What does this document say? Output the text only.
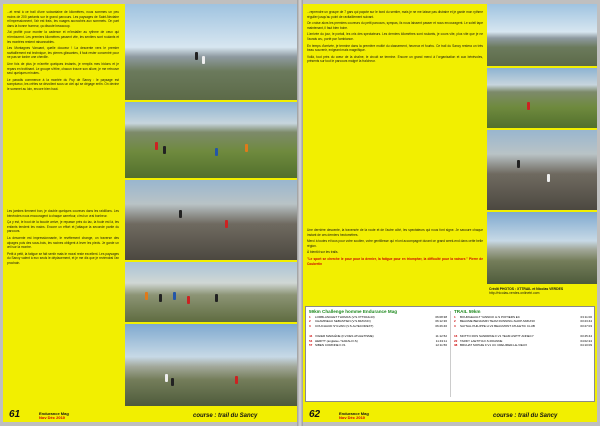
...et rend à ce trail d'une soixantaine de kilomètres, nous sommes un peu moins de 200 partants sur le grand parcours. Les paysages de Saint-Nectaire m'impressionnent, l'air est frais, les nuages accrochés aux sommets. On part dans la bonne humeur, ça discute beaucoup.

J'ai profité pour monter la cadence et m'installer au rythme de ceux qui m'entourent. Les premiers kilomètres passent vite, les sentiers sont roulants et les montées restent raisonnables.

Les Montagnes Vanuant, quelle douceur ! La descente vers le premier ravitaillement est technique, les pierres glissantes, il faut rester concentré pour ne pas se tordre une cheville.

Une fois de plus je m'arrête quelques instants, je remplis mes bidons et je repars en trottinant. Le groupe s'étire, chacun trouve son allure, je me retrouve seul quelques minutes.

Le paradis commence à la montée du Puy de Sancy : le paysage est somptueux, les crêtes se dévoilent sous un ciel qui se dégage enfin. On devine le sommet au loin, encore bien haut.

Les jambes tiennent bon, je double quelques coureurs dans les raidillons. Les bénévoles nous encouragent à chaque carrefour, c'est un vrai bonheur.

Ça y est, le bout de la boucle arrive, je repasse près du lac, la foule est là, les enfants tendent les mains. Encore un effort et j'attaque la seconde partie du parcours.

La descente est impressionnante, le revêtement change, on traverse des alpages puis des sous-bois, les racines obligent à lever les pieds. Je garde un œil sur la montre.

Petit à petit, la fatigue se fait sentir mais le moral reste excellent. Les paysages du Sancy valent à eux seuls le déplacement, et je me dis que je reviendrai l'an prochain.

61	Endurance Mag
Nov Déc 2010	course : trail du Sancy

...reprendre un groupe de 7 gars qui papote sur le bord du sentier, mais je ne me laisse pas distraire et je garde mon rythme régulier jusqu'au point de ravitaillement suivant.

On croise alors les premiers coureurs du petit parcours, sympas, ils nous laissent passer et nous encouragent. Le soleil tape maintenant, il faut bien boire.

L'arrivée du jour, le portail, les cris des spectateurs. Les derniers kilomètres sont roulants, je cours vite, plus vite que je ne l'aurais cru, porté par l'ambiance.

En temps d'arrivée, je termine dans la première moitié du classement, heureux et fourbu. Ce trail du Sancy restera un très beau souvenir, exigeant mais magnifique.

Voilà, tout près du cœur de la chaîne, le circuit se termine. Encore un grand merci à l'organisation et aux bénévoles, présents sur tout le parcours malgré la fraîcheur.

Une dernière descente, la traversée de la route et de l'autre côté, les spectateurs qui nous font signe. Je savoure chaque instant de ces derniers hectomètres.

Merci à toutes et tous pour votre soutien, votre gentillesse qui m'ont accompagné durant ce grand week-end dans cette belle région.

À bientôt sur les trails.

"Le sport se cherche le pour pour la dernier, la fatigue pour en triompher, la difficulté pour la vaincre." Pierre de Coubertin

Crédit PHOTOS : XTTRAIL et Nicolas VERDES
http://nicolas-verdes.onlinetri.com
62	Endurance Mag
Nov Déc 2010	course : trail du Sancy
59km Challenge homme Endurance Mag
1 LORBLANCHET THOMAS (V.S.XTTRAIL43)	06:08:38
2 CHAMINEAU SEBASTIEN (V.S.MIZUNO)	06:12:36
3 COUCHAUD SYLVAIN (V.S.ALTECOREXT)	06:26:46
44 VIGIER MARLÈNE (F.V.DES ATHLETISME)	11:12:52
54 HERITT (anglaise / SARAH F.S)	11:43:11
57 SIBEN CORINNE F.V1	12:11:56
TRAIL 59km
1 BOURGEAULT YANNICK H.S POITIERS EC	03:11:00
2 BEAUME BENJAMIN TEAM RUNNING-SHOP-MIZUNO	03:23:44
3 SAYNAL PHILIPPE H.V2 BEAUMONT ATHLETIC CLUB	03:27:03
16 MOTTO ROS SANDRINE F.V1 TEAM ASPTT ANNECY	03:45:44
22 TARDY LAETITIA F.S.ROANNE	04:02:24
38 BRUHAT SOPHIE F.V1 UC CREUZIER-LE-VIEUX	04:10:09
